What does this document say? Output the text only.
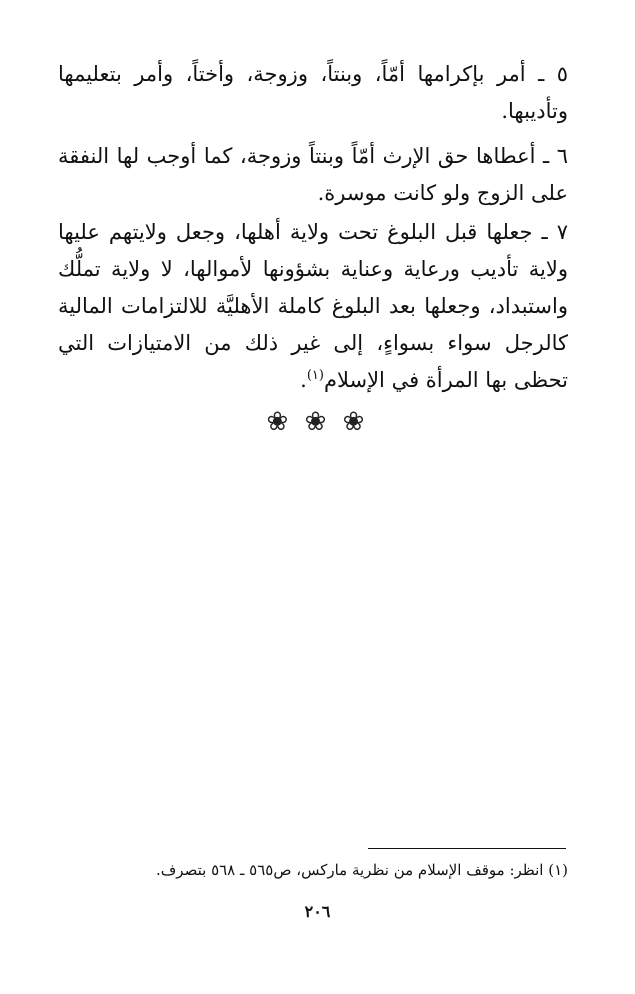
٥ ـ أمر بإكرامها أمّاً، وبنتاً، وزوجة، وأختاً، وأمر بتعليمها وتأديبها.

٦ ـ أعطاها حق الإرث أمّاً وبنتاً وزوجة، كما أوجب لها النفقة على الزوج ولو كانت موسرة.

٧ ـ جعلها قبل البلوغ تحت ولاية أهلها، وجعل ولايتهم عليها ولاية تأديب ورعاية وعناية بشؤونها لأموالها، لا ولاية تملُّك واستبداد، وجعلها بعد البلوغ كاملة الأهليَّة للالتزامات المالية كالرجل سواء بسواءٍ، إلى غير ذلك من الامتيازات التي تحظى بها المرأة في الإسلام$^{(١)}$.

❀ ❀ ❀
(١) انظر: موقف الإسلام من نظرية ماركس، ص٥٦٥ ـ ٥٦٨ بتصرف.
٢٠٦
